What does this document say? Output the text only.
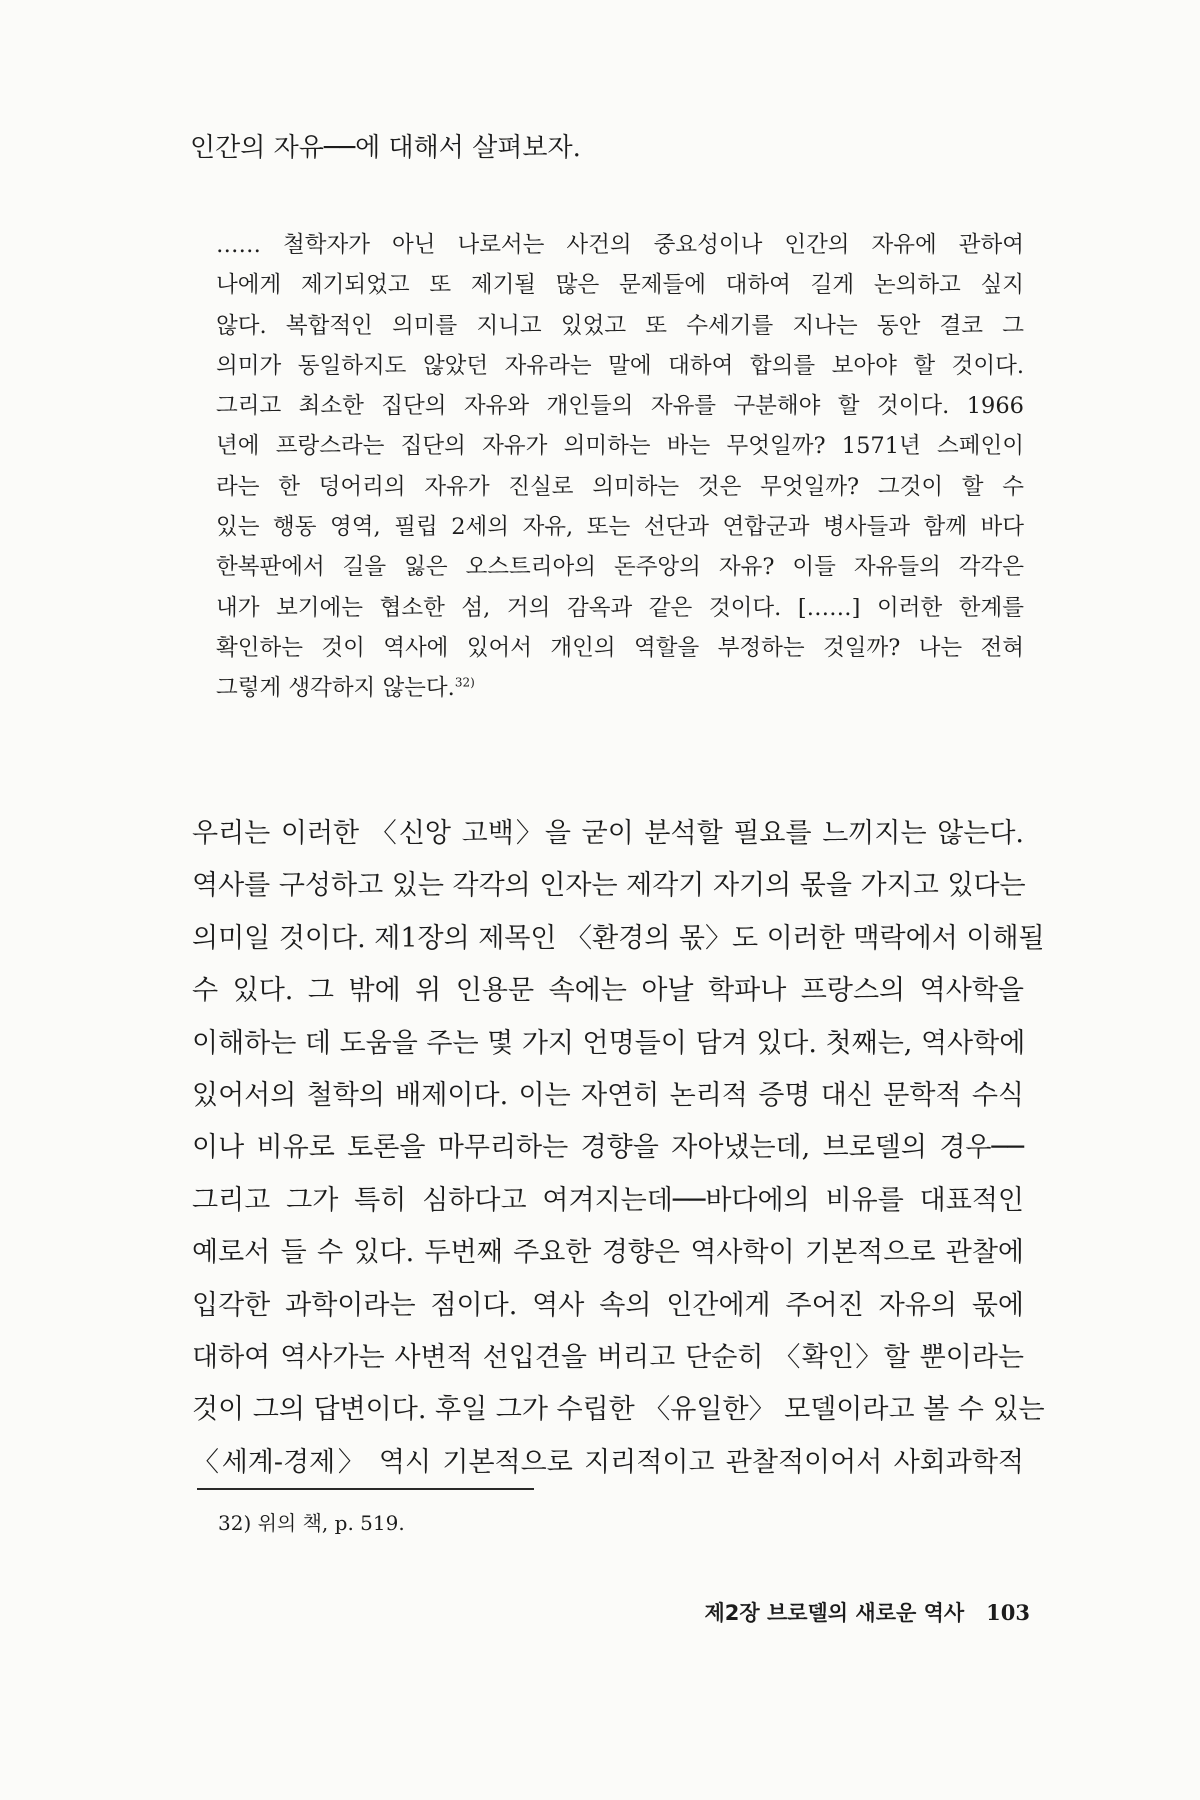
인간의 자유──에 대해서 살펴보자.
…… 철학자가 아닌 나로서는 사건의 중요성이나 인간의 자유에 관하여
나에게 제기되었고 또 제기될 많은 문제들에 대하여 길게 논의하고 싶지
않다. 복합적인 의미를 지니고 있었고 또 수세기를 지나는 동안 결코 그
의미가 동일하지도 않았던 자유라는 말에 대하여 합의를 보아야 할 것이다.
그리고 최소한 집단의 자유와 개인들의 자유를 구분해야 할 것이다. 1966
년에 프랑스라는 집단의 자유가 의미하는 바는 무엇일까? 1571년 스페인이
라는 한 덩어리의 자유가 진실로 의미하는 것은 무엇일까? 그것이 할 수
있는 행동 영역, 필립 2세의 자유, 또는 선단과 연합군과 병사들과 함께 바다
한복판에서 길을 잃은 오스트리아의 돈주앙의 자유? 이들 자유들의 각각은
내가 보기에는 협소한 섬, 거의 감옥과 같은 것이다. [……] 이러한 한계를
확인하는 것이 역사에 있어서 개인의 역할을 부정하는 것일까? 나는 전혀
그렇게 생각하지 않는다.$^{32)}$
우리는 이러한 〈신앙 고백〉을 굳이 분석할 필요를 느끼지는 않는다.
역사를 구성하고 있는 각각의 인자는 제각기 자기의 몫을 가지고 있다는
의미일 것이다. 제1장의 제목인 〈환경의 몫〉도 이러한 맥락에서 이해될
수 있다. 그 밖에 위 인용문 속에는 아날 학파나 프랑스의 역사학을
이해하는 데 도움을 주는 몇 가지 언명들이 담겨 있다. 첫째는, 역사학에
있어서의 철학의 배제이다. 이는 자연히 논리적 증명 대신 문학적 수식
이나 비유로 토론을 마무리하는 경향을 자아냈는데, 브로델의 경우──
그리고 그가 특히 심하다고 여겨지는데──바다에의 비유를 대표적인
예로서 들 수 있다. 두번째 주요한 경향은 역사학이 기본적으로 관찰에
입각한 과학이라는 점이다. 역사 속의 인간에게 주어진 자유의 몫에
대하여 역사가는 사변적 선입견을 버리고 단순히 〈확인〉할 뿐이라는
것이 그의 답변이다. 후일 그가 수립한 〈유일한〉 모델이라고 볼 수 있는
〈세계-경제〉 역시 기본적으로 지리적이고 관찰적이어서 사회과학적
32) 위의 책, p. 519.
제2장 브로델의 새로운 역사 103
